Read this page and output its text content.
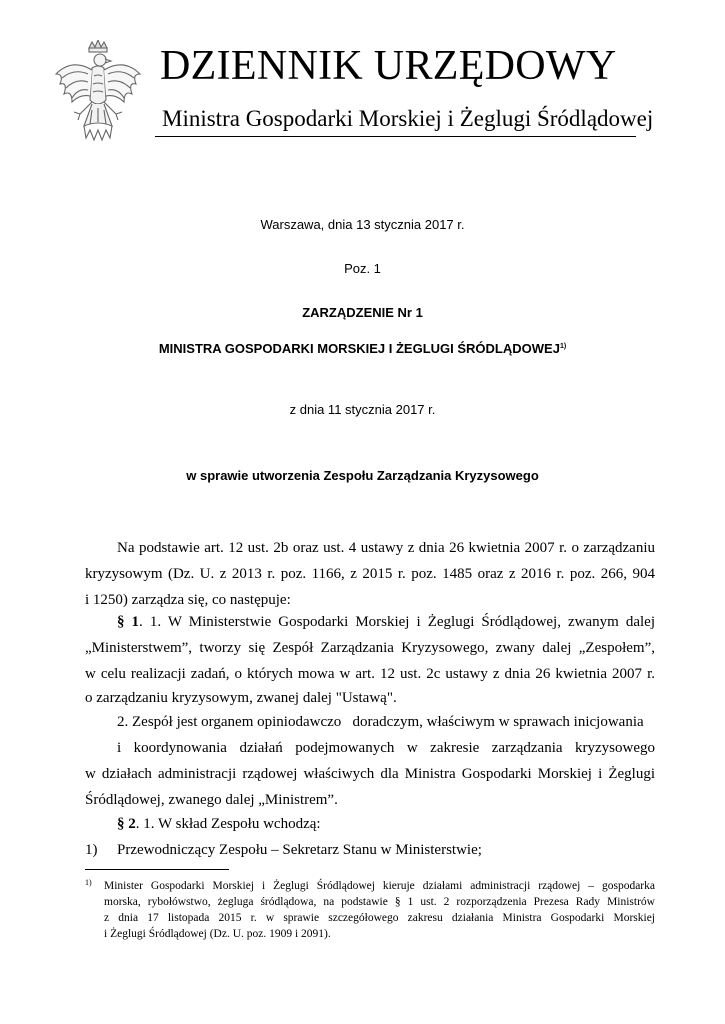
DZIENNIK URZĘDOWY
Ministra Gospodarki Morskiej i Żeglugi Śródlądowej
Warszawa, dnia 13 stycznia 2017 r.
Poz. 1
ZARZĄDZENIE Nr 1
MINISTRA GOSPODARKI MORSKIEJ I ŻEGLUGI ŚRÓDLĄDOWEJ$^{1)}$
z dnia 11 stycznia 2017 r.
w sprawie utworzenia Zespołu Zarządzania Kryzysowego
Na podstawie art. 12 ust. 2b oraz ust. 4 ustawy z dnia 26 kwietnia 2007 r. o zarządzaniu
kryzysowym (Dz. U. z 2013 r. poz. 1166, z 2015 r. poz. 1485 oraz z 2016 r. poz. 266, 904
i 1250) zarządza się, co następuje:
§ 1. 1. W Ministerstwie Gospodarki Morskiej i Żeglugi Śródlądowej, zwanym dalej
„Ministerstwem”, tworzy się Zespół Zarządzania Kryzysowego, zwany dalej „Zespołem”,
w celu realizacji zadań, o których mowa w art. 12 ust. 2c ustawy z dnia 26 kwietnia 2007 r.
o zarządzaniu kryzysowym, zwanej dalej "Ustawą".
2. Zespół jest organem opiniodawczo   doradczym, właściwym w sprawach inicjowania
i  koordynowania  działań  podejmowanych  w  zakresie  zarządzania  kryzysowego
w działach administracji rządowej właściwych dla Ministra Gospodarki Morskiej i Żeglugi
Śródlądowej, zwanego dalej „Ministrem”.
§ 2. 1. W skład Zespołu wchodzą:
1) Przewodniczący Zespołu – Sekretarz Stanu w Ministerstwie;
1) Minister Gospodarki Morskiej i Żeglugi Śródlądowej kieruje działami administracji rządowej – gospodarka
morska, rybołówstwo, żegluga śródlądowa, na podstawie § 1 ust. 2 rozporządzenia Prezesa Rady Ministrów
z dnia 17 listopada 2015 r. w sprawie szczegółowego zakresu działania Ministra Gospodarki Morskiej
i Żeglugi Śródlądowej (Dz. U. poz. 1909 i 2091).
